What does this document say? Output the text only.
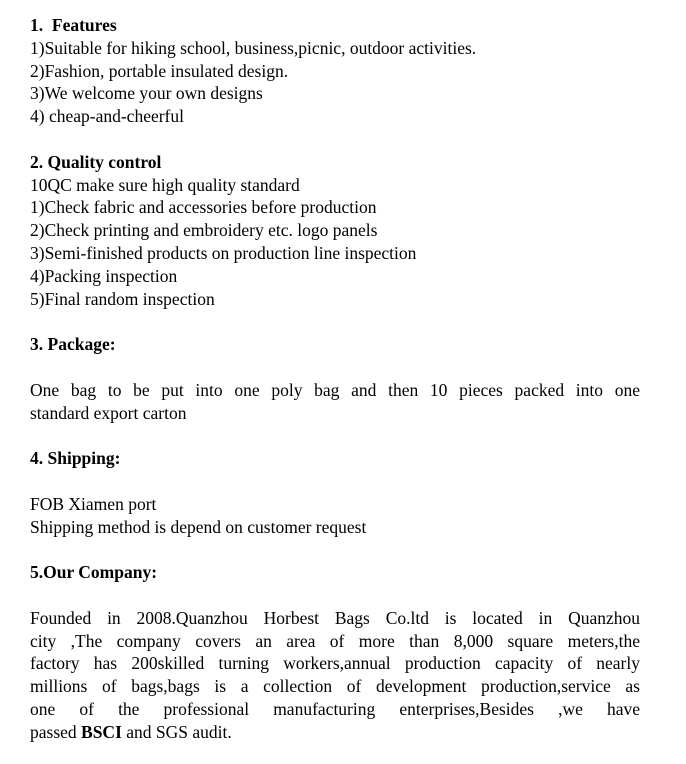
1.  Features
1)Suitable for hiking school, business,picnic, outdoor activities.
2)Fashion, portable insulated design.
3)We welcome your own designs
4) cheap-and-cheerful
2. Quality control
10QC make sure high quality standard
1)Check fabric and accessories before production
2)Check printing and embroidery etc. logo panels
3)Semi-finished products on production line inspection
4)Packing inspection
5)Final random inspection
3. Package:
One bag to be put into one poly bag and then 10 pieces packed into one
standard export carton
4. Shipping:
FOB Xiamen port
Shipping method is depend on customer request
5.Our Company:
Founded in 2008.Quanzhou Horbest Bags Co.ltd is located in Quanzhou
city ,The company covers an area of more than 8,000 square meters,the
factory has 200skilled turning workers,annual production capacity of nearly
millions of bags,bags is a collection of development production,service as
one of the professional manufacturing enterprises,Besides ,we have
passed BSCI and SGS audit.
